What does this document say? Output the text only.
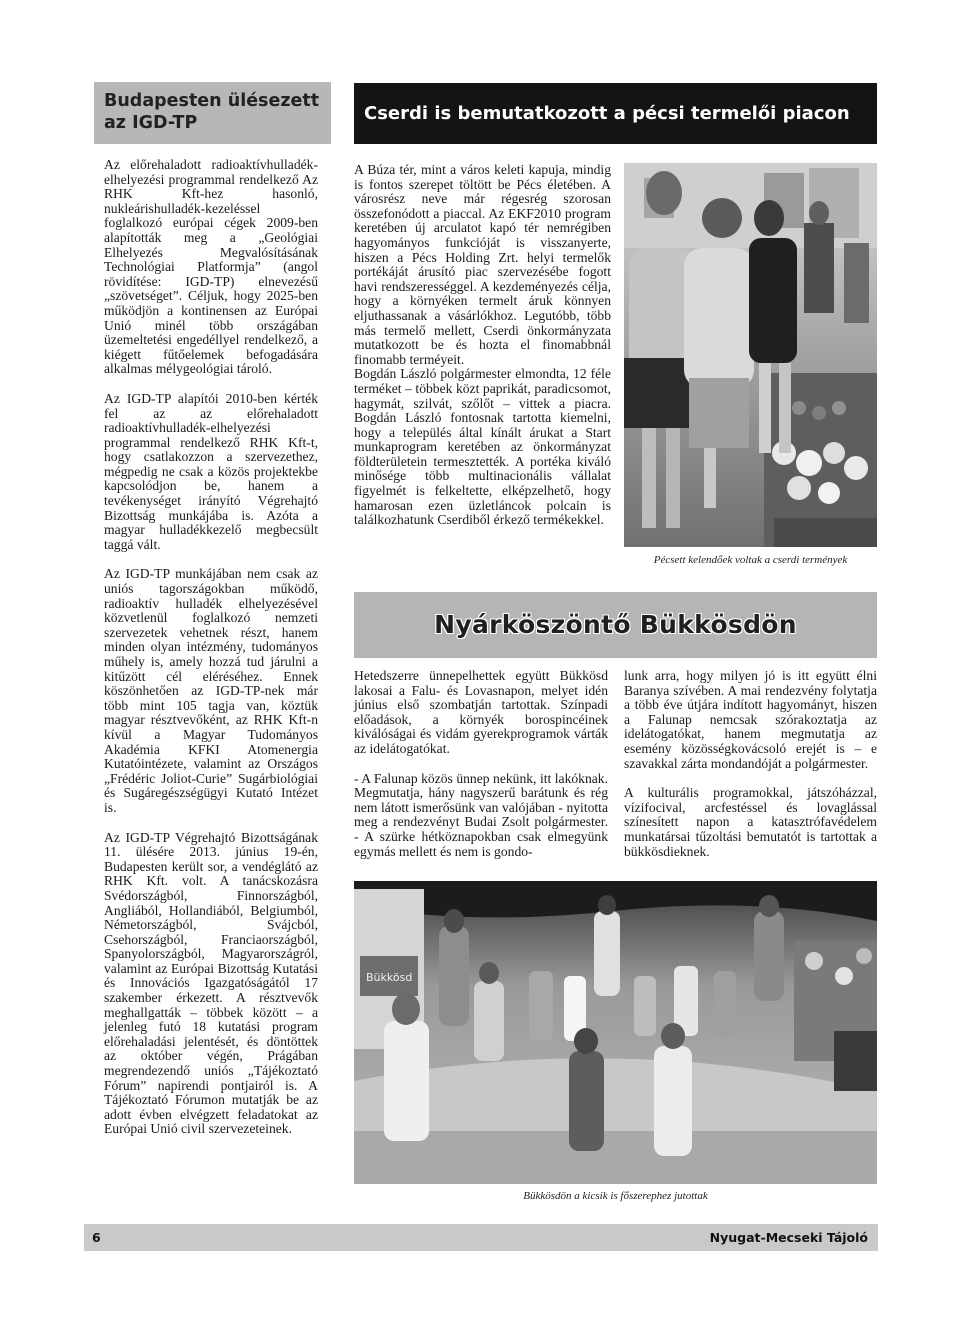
Budapesten ülésezett az IGD-TP

Az előrehaladott radioaktívhulladék-elhelyezési programmal rendelkező Az RHK Kft-hez hasonló, nukleárishulladék-kezeléssel foglalkozó európai cégek 2009-ben alapították meg a „Geológiai Elhelyezés Megvalósításának Technológiai Platformja” (angol rövidítése: IGD-TP) elnevezésű „szövetséget”. Céljuk, hogy 2025-ben működjön a kontinensen az Európai Unió minél több országában üzemeltetési engedéllyel rendelkező, a kiégett fűtőelemek befogadására alkalmas mélygeológiai tároló.

Az IGD-TP alapítói 2010-ben kérték fel az az előrehaladott radioaktívhulladék-elhelyezési programmal rendelkező RHK Kft-t, hogy csatlakozzon a szervezethez, mégpedig ne csak a közös projektekbe kapcsolódjon be, hanem a tevékenységet irányító Végrehajtó Bizottság munkájába is. Azóta a magyar hulladékkezelő megbecsült taggá vált.

Az IGD-TP munkájában nem csak az uniós tagországokban működő, radioaktív hulladék elhelyezésével közvetlenül foglalkozó nemzeti szervezetek vehetnek részt, hanem minden olyan intézmény, tudományos műhely is, amely hozzá tud járulni a kitűzött cél eléréséhez. Ennek köszönhetően az IGD-TP-nek már több mint 105 tagja van, köztük magyar résztvevőként, az RHK Kft-n kívül a Magyar Tudományos Akadémia KFKI Atomenergia Kutatóintézete, valamint az Országos „Frédéric Joliot-Curie” Sugárbiológiai és Sugáregészségügyi Kutató Intézet is.

Az IGD-TP Végrehajtó Bizottságának 11. ülésére 2013. június 19-én, Budapesten került sor, a vendéglátó az RHK Kft. volt. A tanácskozásra Svédországból, Finnországból, Angliából, Hollandiából, Belgiumból, Németországból, Svájcból, Csehországból, Franciaországból, Spanyolországból, Magyarországról, valamint az Európai Bizottság Kutatási és Innovációs Igazgatóságától 17 szakember érkezett. A résztvevők meghallgatták – többek között – a jelenleg futó 18 kutatási program előrehaladási jelentését, és döntöttek az október végén, Prágában megrendezendő uniós „Tájékoztató Fórum” napirendi pontjairól is. A Tájékoztató Fórumon mutatják be az adott évben elvégzett feladatokat az Európai Unió civil szervezeteinek.

Cserdi is bemutatkozott a pécsi termelői piacon

A Búza tér, mint a város keleti kapuja, mindig is fontos szerepet töltött be Pécs életében. A városrész neve már régesrég szorosan összefonódott a piaccal. Az EKF2010 program keretében új arculatot kapó tér nemrégiben hagyományos funkcióját is visszanyerte, hiszen a Pécs Holding Zrt. helyi termelők portékáját árusító piac szervezésébe fogott havi rendszerességgel. A kezdeményezés célja, hogy a környéken termelt áruk könnyen eljuthassanak a vásárlókhoz. Legutóbb, több más termelő mellett, Cserdi önkormányzata mutatkozott be és hozta el finomabbnál finomabb terméyeit.

Bogdán László polgármester elmondta, 12 féle terméket – többek közt paprikát, paradicsomot, hagymát, szilvát, szőlőt – vittek a piacra. Bogdán László fontosnak tartotta kiemelni, hogy a település által kínált árukat a Start munkaprogram keretében az önkormányzat földterületein termesztették. A portéka kiváló minősége több multinacionális vállalat figyelmét is felkeltette, elképzelhető, hogy hamarosan ezen üzletláncok polcain is találkozhatunk Cserdiből érkező termékekkel.

Pécsett kelendőek voltak a cserdi termények
Nyárköszöntő Bükkösdön

Hetedszerre ünnepelhettek együtt Bükkösd lakosai a Falu- és Lovasnapon, melyet idén június első szombatján tartottak. Színpadi előadások, a környék borospincéinek kiválóságai és vidám gyerekprogramok várták az idelátogatókat.

- A Falunap közös ünnep nekünk, itt lakóknak. Megmutatja, hány nagyszerű barátunk és rég nem látott ismerősünk van valójában - nyitotta meg a rendezvényt Budai Zsolt polgármester. - A szürke hétköznapokban csak elmegyünk egymás mellett és nem is gondo-

lunk arra, hogy milyen jó is itt együtt élni Baranya szívében. A mai rendezvény folytatja a több éve útjára indított hagyományt, hiszen a Falunap nemcsak szórakoztatja az idelátogatókat, hanem megmutatja az esemény közösségkovácsoló erejét is – e szavakkal zárta mondandóját a polgármester.

A kulturális programokkal, játszóházzal, vízifocival, arcfestéssel és lovaglással színesített napon a katasztrófavédelem munkatársai tűzoltási bemutatót is tartottak a bükkösdieknek.

Bükkösd
Bükkösdön a kicsik is főszerephez jutottak
6	Nyugat-Mecseki Tájoló
